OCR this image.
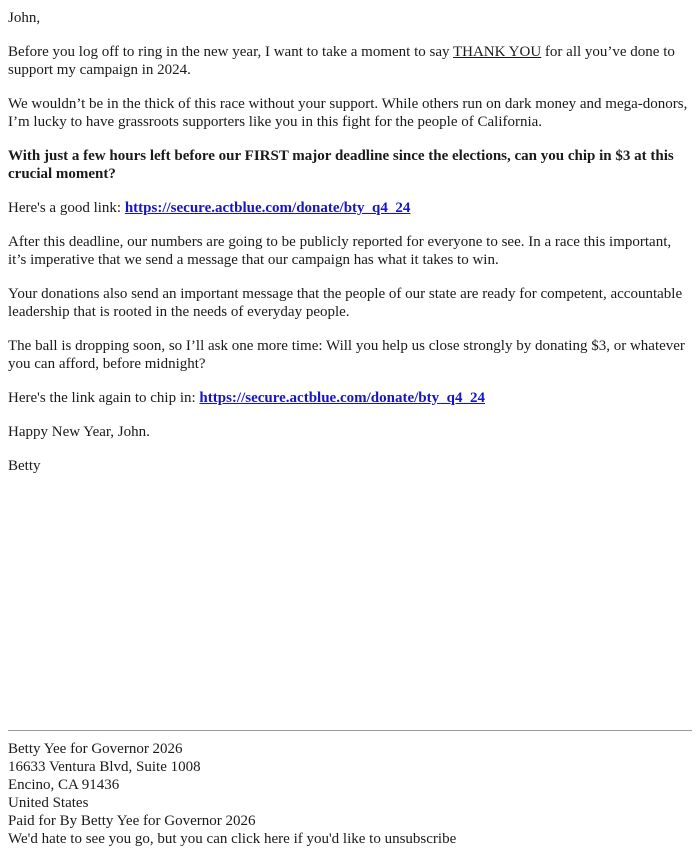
John,

Before you log off to ring in the new year, I want to take a moment to say THANK YOU for all you’ve done to support my campaign in 2024.

We wouldn’t be in the thick of this race without your support. While others run on dark money and mega-donors, I’m lucky to have grassroots supporters like you in this fight for the people of California.

With just a few hours left before our FIRST major deadline since the elections, can you chip in $3 at this crucial moment?

Here's a good link: https://secure.actblue.com/donate/bty_q4_24

After this deadline, our numbers are going to be publicly reported for everyone to see. In a race this important, it’s imperative that we send a message that our campaign has what it takes to win.

Your donations also send an important message that the people of our state are ready for competent, accountable leadership that is rooted in the needs of everyday people.

The ball is dropping soon, so I’ll ask one more time: Will you help us close strongly by donating $3, or whatever you can afford, before midnight?

Here's the link again to chip in: https://secure.actblue.com/donate/bty_q4_24

Happy New Year, John.

Betty

Betty Yee for Governor 2026
16633 Ventura Blvd, Suite 1008
Encino, CA 91436
United States
Paid for By Betty Yee for Governor 2026
We'd hate to see you go, but you can click here if you'd like to unsubscribe
